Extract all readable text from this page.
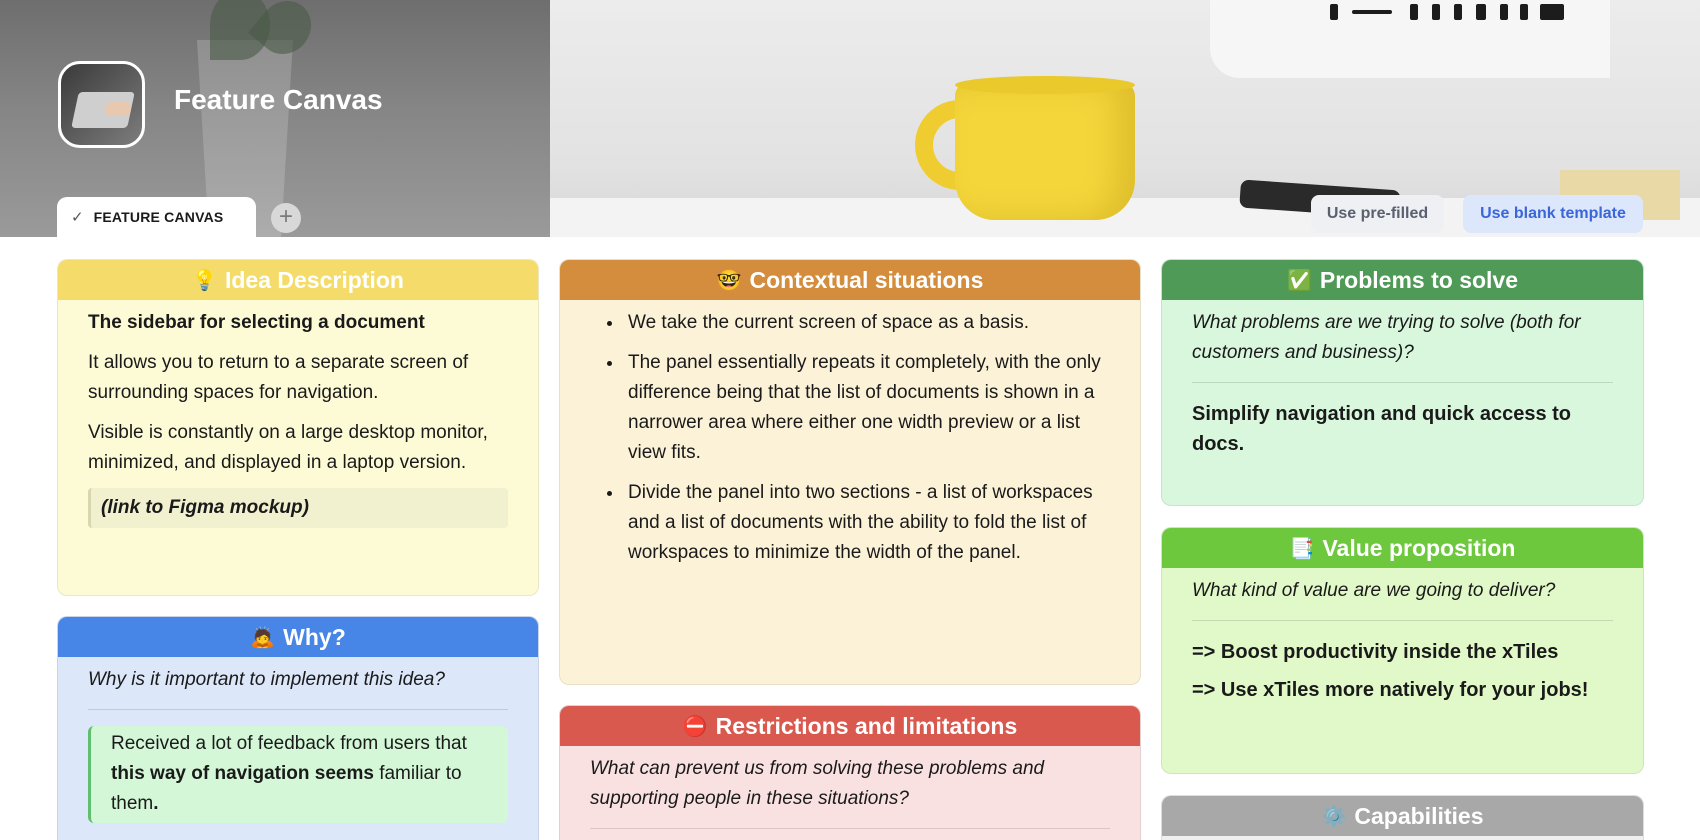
Feature Canvas
✓ FEATURE CANVAS	+	Use pre-filled	Use blank template
💡 Idea Description

The sidebar for selecting a document

It allows you to return to a separate screen of surrounding spaces for navigation.

Visible is constantly on a large desktop monitor, minimized, and displayed in a laptop version.

(link to Figma mockup)
🙇 Why?

Why is it important to implement this idea?

Received a lot of feedback from users that this way of navigation seems familiar to them.
🤓 Contextual situations
• We take the current screen of space as a basis.
• The panel essentially repeats it completely, with the only difference being that the list of documents is shown in a narrower area where either one width preview or a list view fits.
• Divide the panel into two sections - a list of workspaces and a list of documents with the ability to fold the list of workspaces to minimize the width of the panel.
⛔ Restrictions and limitations

What can prevent us from solving these problems and supporting people in these situations?

✅ Problems to solve

What problems are we trying to solve (both for customers and business)?

Simplify navigation and quick access to docs.

📑 Value proposition

What kind of value are we going to deliver?

=> Boost productivity inside the xTiles

=> Use xTiles more natively for your jobs!

⚙️ Capabilities
